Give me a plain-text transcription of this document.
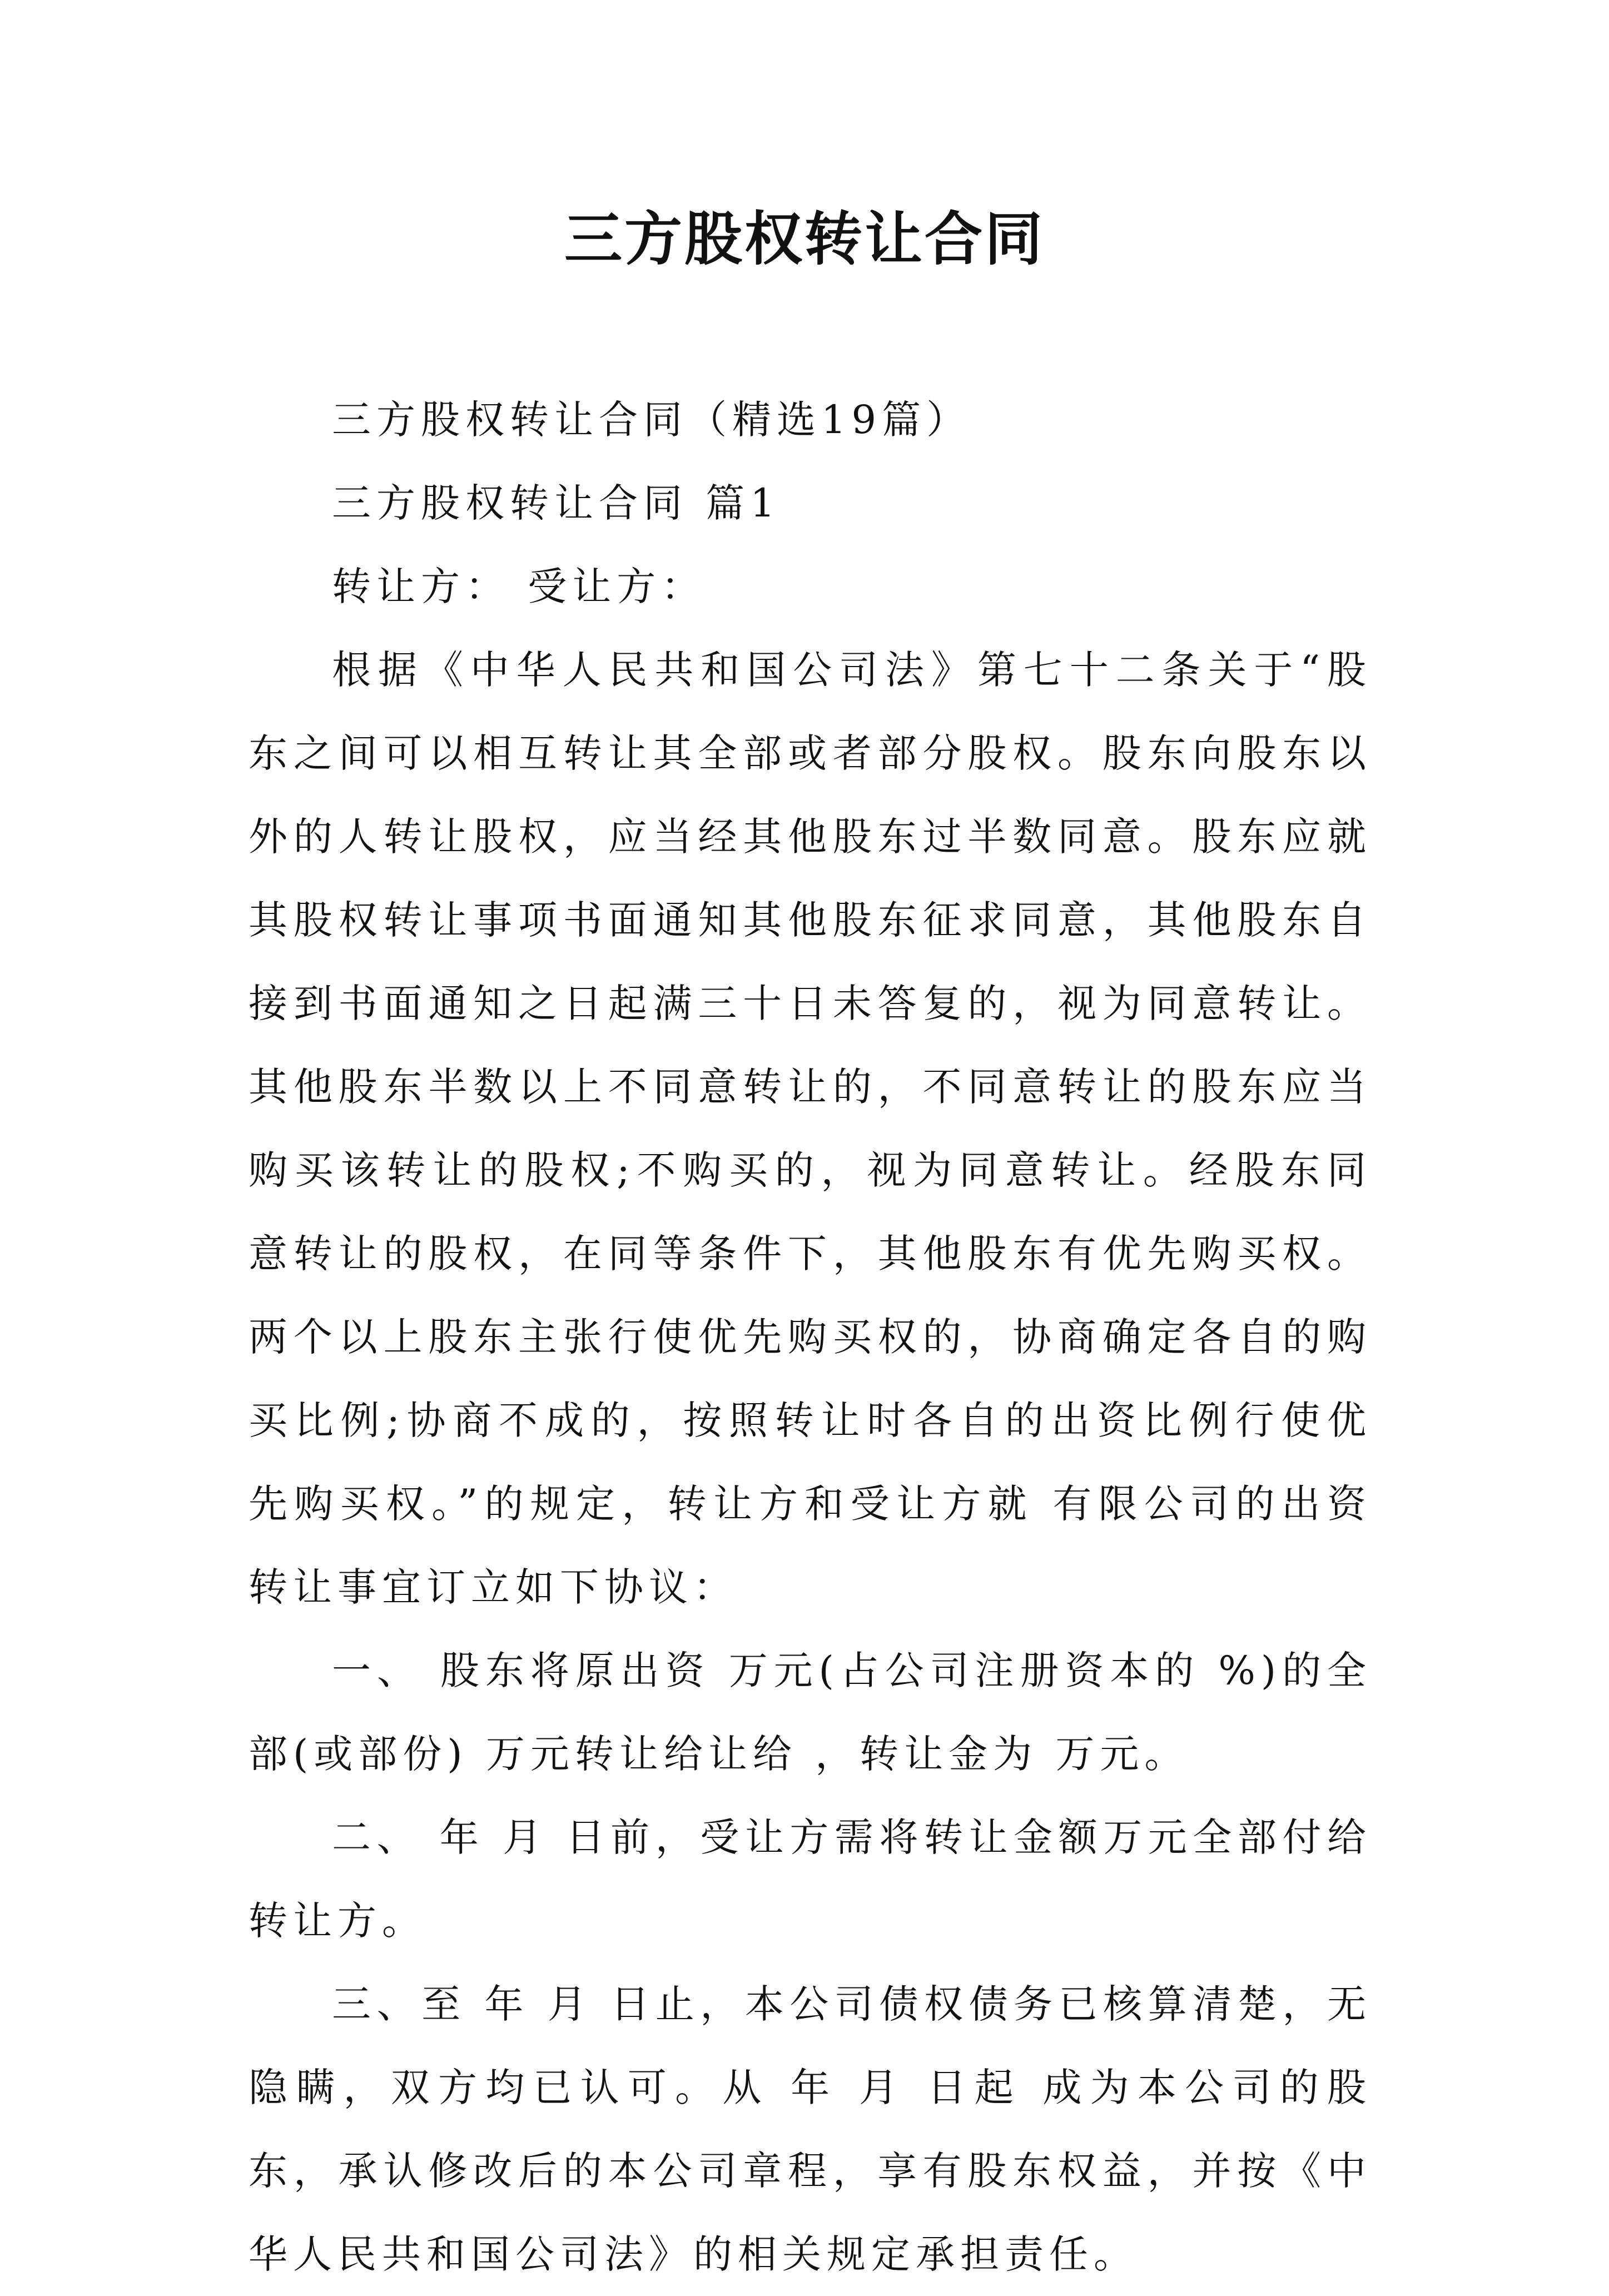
三方股权转让合同

三方股权转让合同（精选19篇）

三方股权转让合同 篇1

转让方： 受让方：

根据《中华人民共和国公司法》第七十二条关于“股东之间可以相互转让其全部或者部分股权。股东向股东以外的人转让股权，应当经其他股东过半数同意。股东应就其股权转让事项书面通知其他股东征求同意，其他股东自接到书面通知之日起满三十日未答复的，视为同意转让。其他股东半数以上不同意转让的，不同意转让的股东应当购买该转让的股权;不购买的，视为同意转让。经股东同意转让的股权，在同等条件下，其他股东有优先购买权。两个以上股东主张行使优先购买权的，协商确定各自的购买比例;协商不成的，按照转让时各自的出资比例行使优先购买权。”的规定，转让方和受让方就 有限公司的出资转让事宜订立如下协议：

一、 股东将原出资 万元(占公司注册资本的 %)的全部(或部份) 万元转让给让给 ，转让金为 万元。

二、 年 月 日前，受让方需将转让金额万元全部付给转让方。

三、至 年 月 日止，本公司债权债务已核算清楚，无隐瞒，双方均已认可。从 年 月 日起 成为本公司的股东，承认修改后的本公司章程，享有股东权益，并按《中华人民共和国公司法》的相关规定承担责任。
